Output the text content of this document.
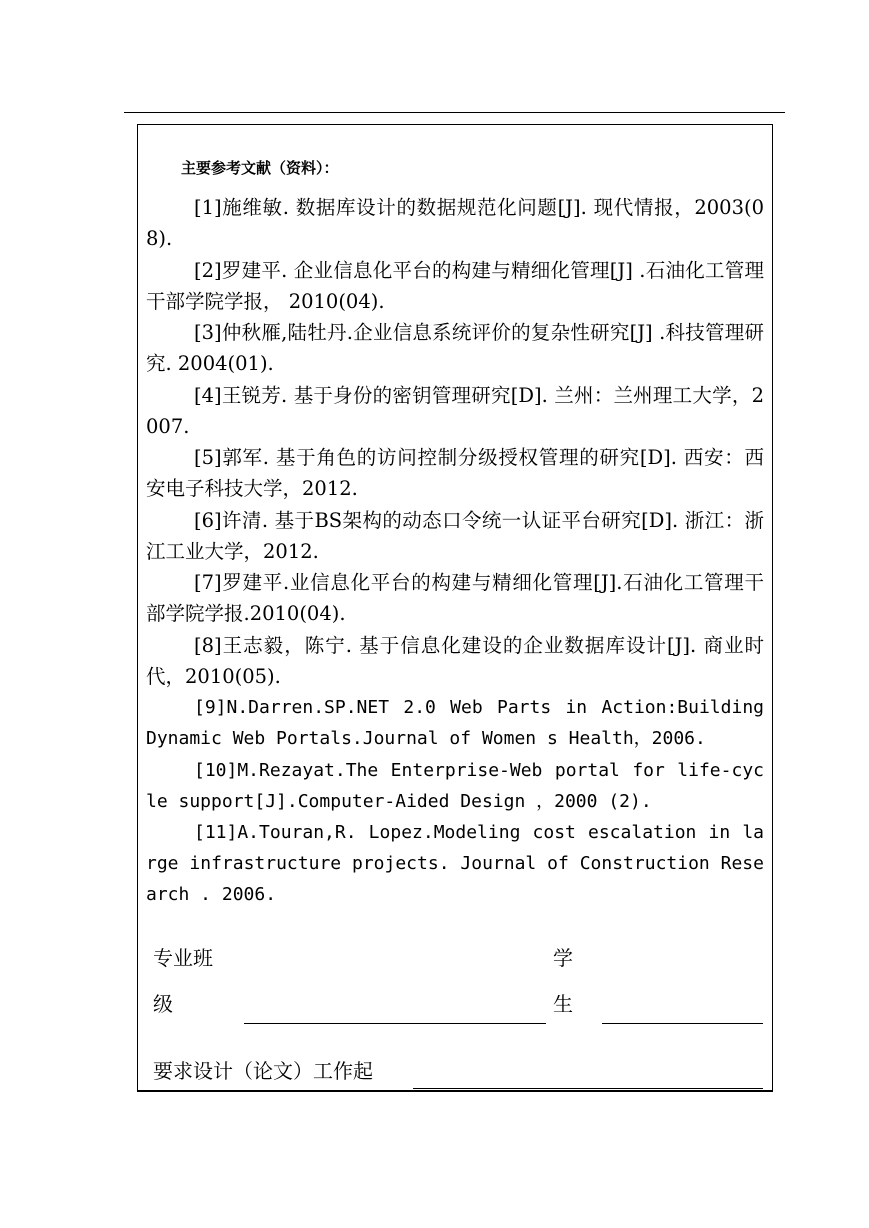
主要参考文献（资料）：

[1]施维敏. 数据库设计的数据规范化问题[J]. 现代情报，2003(08).

[2]罗建平. 企业信息化平台的构建与精细化管理[J] .石油化工管理干部学院学报， 2010(04).

[3]仲秋雁,陆牡丹.企业信息系统评价的复杂性研究[J] .科技管理研究. 2004(01).

[4]王锐芳. 基于身份的密钥管理研究[D]. 兰州：兰州理工大学，2007.

[5]郭军. 基于角色的访问控制分级授权管理的研究[D]. 西安：西安电子科技大学，2012.

[6]许清. 基于BS架构的动态口令统一认证平台研究[D]. 浙江：浙江工业大学，2012.

[7]罗建平.业信息化平台的构建与精细化管理[J].石油化工管理干部学院学报.2010(04).

[8]王志毅，陈宁. 基于信息化建设的企业数据库设计[J]. 商业时代，2010(05).

[9]N.Darren.SP.NET 2.0 Web Parts in Action:Building Dynamic Web Portals.Journal of Women s Health，2006.

[10]M.Rezayat.The Enterprise-Web portal for life-cycle support[J].Computer-Aided Design ，2000 (2).

[11]A.Touran,R. Lopez.Modeling cost escalation in large infrastructure projects. Journal of Construction Research . 2006.

专业班
级
学
生
要求设计（论文）工作起
